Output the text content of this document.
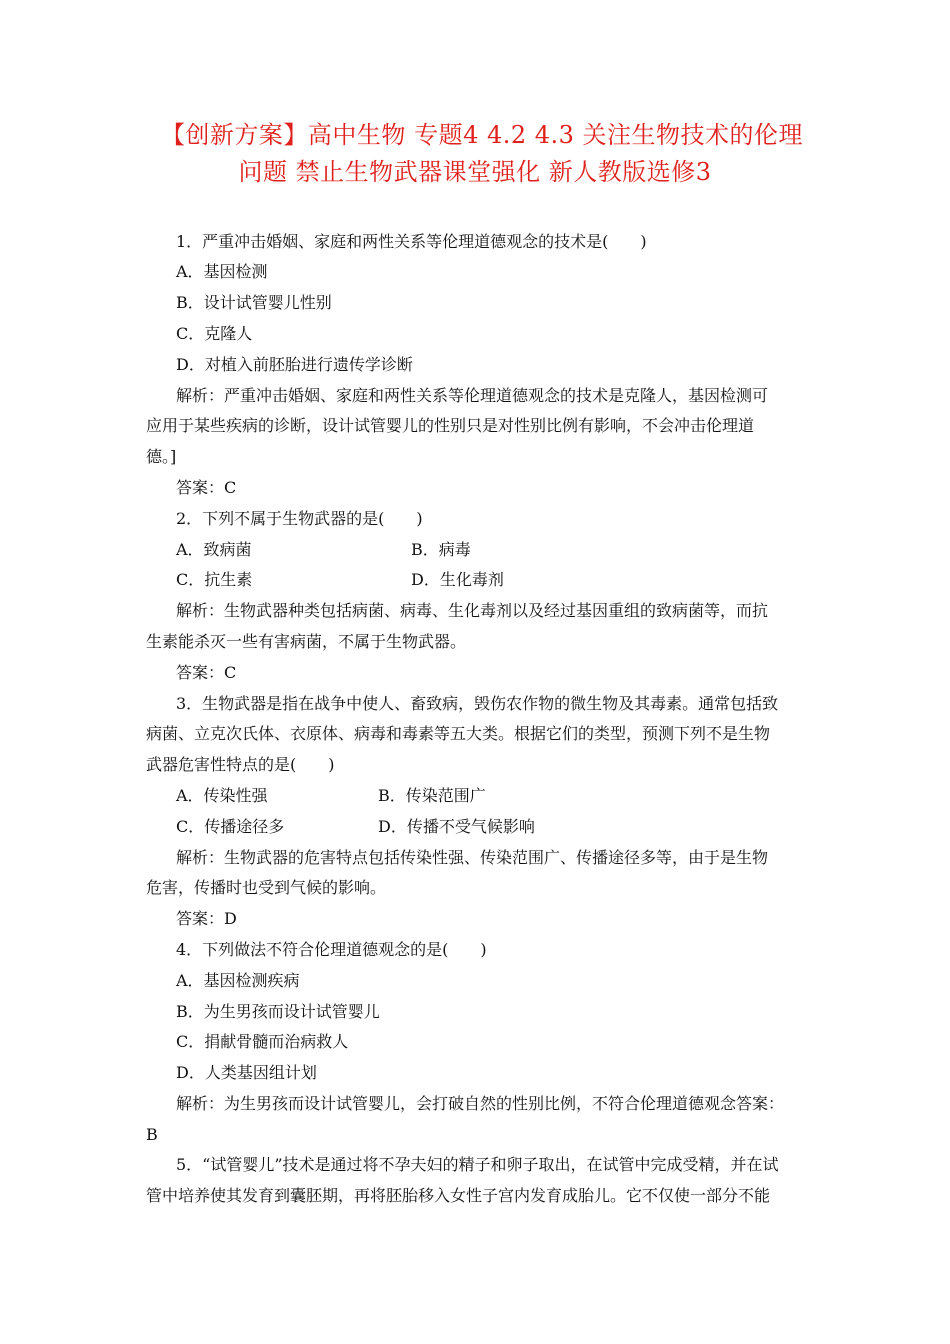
【创新方案】高中生物 专题4 4.2 4.3 关注生物技术的伦理
问题 禁止生物武器课堂强化 新人教版选修3
1．严重冲击婚姻、家庭和两性关系等伦理道德观念的技术是(　　)
A．基因检测
B．设计试管婴儿性别
C．克隆人
D．对植入前胚胎进行遗传学诊断
解析：严重冲击婚姻、家庭和两性关系等伦理道德观念的技术是克隆人，基因检测可
应用于某些疾病的诊断，设计试管婴儿的性别只是对性别比例有影响，不会冲击伦理道
德。]
答案：C
2．下列不属于生物武器的是(　　)
A．致病菌	B．病毒
C．抗生素	D．生化毒剂
解析：生物武器种类包括病菌、病毒、生化毒剂以及经过基因重组的致病菌等，而抗
生素能杀灭一些有害病菌，不属于生物武器。
答案：C
3．生物武器是指在战争中使人、畜致病，毁伤农作物的微生物及其毒素。通常包括致
病菌、立克次氏体、衣原体、病毒和毒素等五大类。根据它们的类型，预测下列不是生物
武器危害性特点的是(　　)
A．传染性强	B．传染范围广
C．传播途径多	D．传播不受气候影响
解析：生物武器的危害特点包括传染性强、传染范围广、传播途径多等，由于是生物
危害，传播时也受到气候的影响。
答案：D
4．下列做法不符合伦理道德观念的是(　　)
A．基因检测疾病
B．为生男孩而设计试管婴儿
C．捐献骨髓而治病救人
D．人类基因组计划
解析：为生男孩而设计试管婴儿，会打破自然的性别比例，不符合伦理道德观念答案：
B
5．“试管婴儿”技术是通过将不孕夫妇的精子和卵子取出，在试管中完成受精，并在试
管中培养使其发育到囊胚期，再将胚胎移入女性子宫内发育成胎儿。它不仅使一部分不能
